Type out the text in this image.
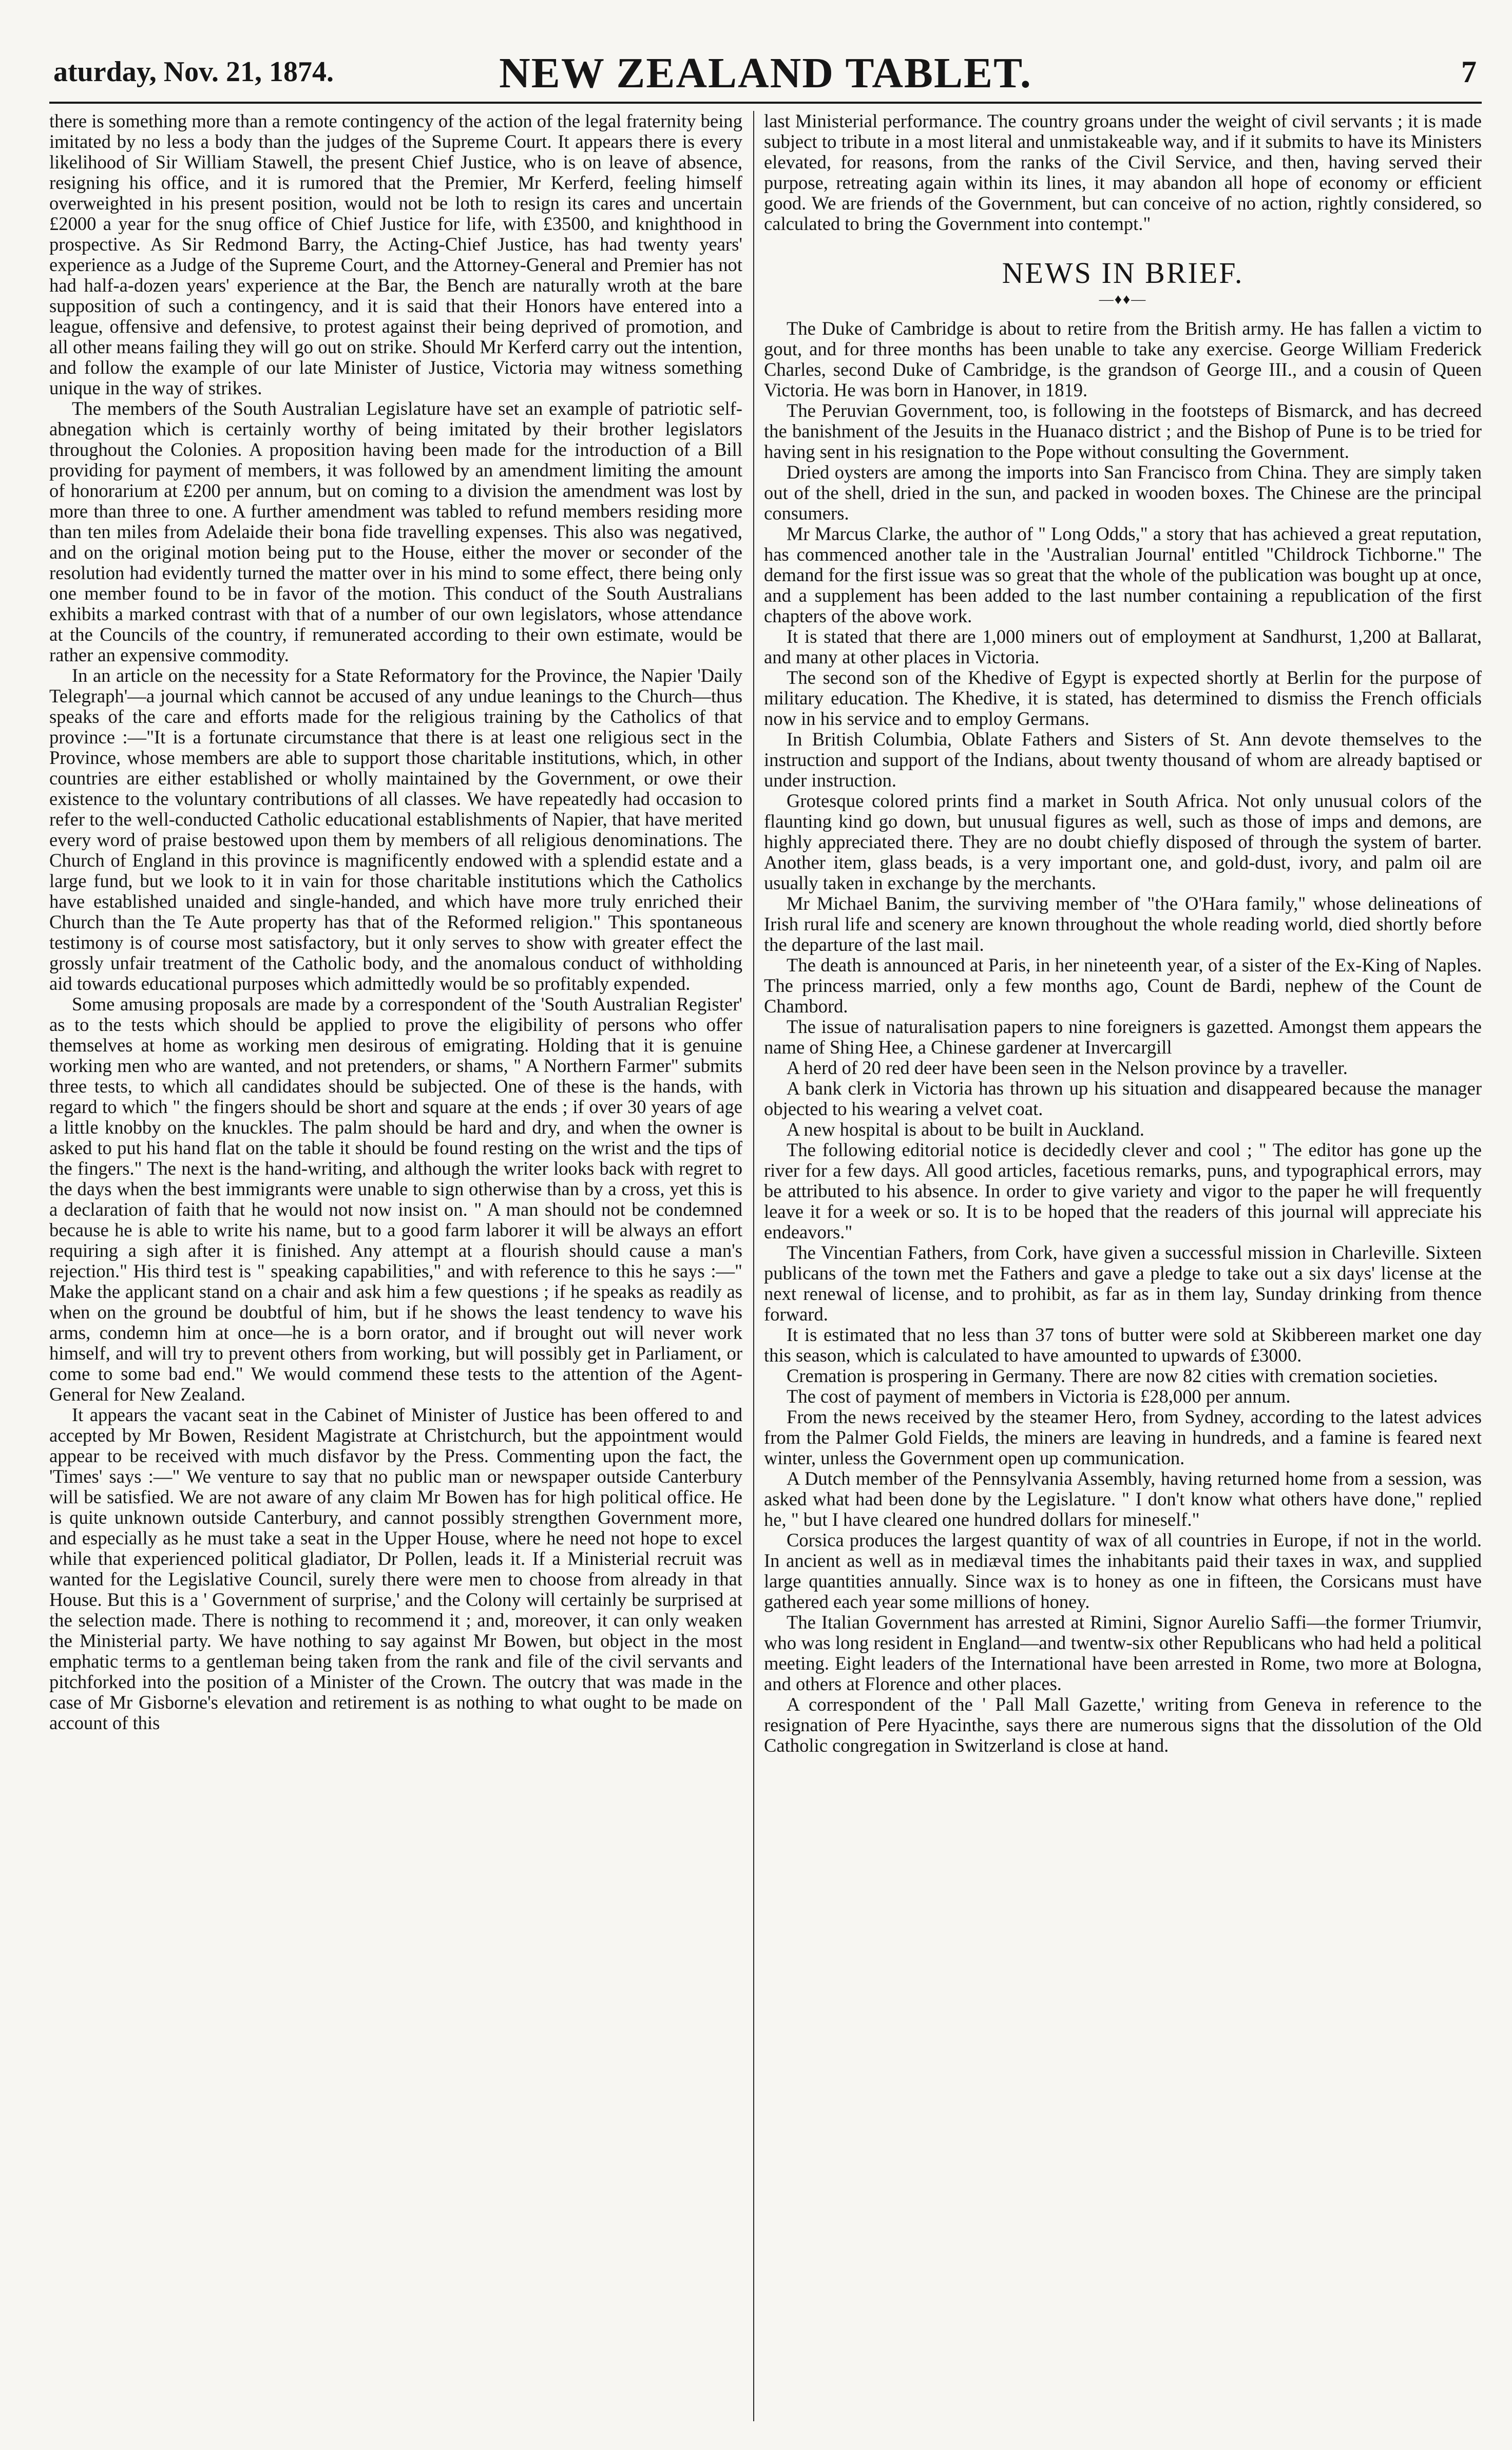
aturday, Nov. 21, 1874.	NEW ZEALAND TABLET.	7

there is something more than a remote contingency of the action of the legal fraternity being imitated by no less a body than the judges of the Supreme Court. It appears there is every likelihood of Sir William Stawell, the present Chief Justice, who is on leave of absence, resigning his office, and it is rumored that the Premier, Mr Kerferd, feeling himself overweighted in his present position, would not be loth to resign its cares and uncertain £2000 a year for the snug office of Chief Justice for life, with £3500, and knighthood in prospective. As Sir Redmond Barry, the Acting-Chief Justice, has had twenty years' experience as a Judge of the Supreme Court, and the Attorney-General and Premier has not had half-a-dozen years' experience at the Bar, the Bench are naturally wroth at the bare supposition of such a contingency, and it is said that their Honors have entered into a league, offensive and defensive, to protest against their being deprived of promotion, and all other means failing they will go out on strike. Should Mr Kerferd carry out the intention, and follow the example of our late Minister of Justice, Victoria may witness something unique in the way of strikes.

The members of the South Australian Legislature have set an example of patriotic self-abnegation which is certainly worthy of being imitated by their brother legislators throughout the Colonies. A proposition having been made for the introduction of a Bill providing for payment of members, it was followed by an amendment limiting the amount of honorarium at £200 per annum, but on coming to a division the amendment was lost by more than three to one. A further amendment was tabled to refund members residing more than ten miles from Adelaide their bona fide travelling expenses. This also was negatived, and on the original motion being put to the House, either the mover or seconder of the resolution had evidently turned the matter over in his mind to some effect, there being only one member found to be in favor of the motion. This conduct of the South Australians exhibits a marked contrast with that of a number of our own legislators, whose attendance at the Councils of the country, if remunerated according to their own estimate, would be rather an expensive commodity.

In an article on the necessity for a State Reformatory for the Province, the Napier 'Daily Telegraph'—a journal which cannot be accused of any undue leanings to the Church—thus speaks of the care and efforts made for the religious training by the Catholics of that province :—"It is a fortunate circumstance that there is at least one religious sect in the Province, whose members are able to support those charitable institutions, which, in other countries are either established or wholly maintained by the Government, or owe their existence to the voluntary contributions of all classes. We have repeatedly had occasion to refer to the well-conducted Catholic educational establishments of Napier, that have merited every word of praise bestowed upon them by members of all religious denominations. The Church of England in this province is magnificently endowed with a splendid estate and a large fund, but we look to it in vain for those charitable institutions which the Catholics have established unaided and single-handed, and which have more truly enriched their Church than the Te Aute property has that of the Reformed religion." This spontaneous testimony is of course most satisfactory, but it only serves to show with greater effect the grossly unfair treatment of the Catholic body, and the anomalous conduct of withholding aid towards educational purposes which admittedly would be so profitably expended.

Some amusing proposals are made by a correspondent of the 'South Australian Register' as to the tests which should be applied to prove the eligibility of persons who offer themselves at home as working men desirous of emigrating. Holding that it is genuine working men who are wanted, and not pretenders, or shams, " A Northern Farmer" submits three tests, to which all candidates should be subjected. One of these is the hands, with regard to which " the fingers should be short and square at the ends ; if over 30 years of age a little knobby on the knuckles. The palm should be hard and dry, and when the owner is asked to put his hand flat on the table it should be found resting on the wrist and the tips of the fingers." The next is the hand-writing, and although the writer looks back with regret to the days when the best immigrants were unable to sign otherwise than by a cross, yet this is a declaration of faith that he would not now insist on. " A man should not be condemned because he is able to write his name, but to a good farm laborer it will be always an effort requiring a sigh after it is finished. Any attempt at a flourish should cause a man's rejection." His third test is " speaking capabilities," and with reference to this he says :—" Make the applicant stand on a chair and ask him a few questions ; if he speaks as readily as when on the ground be doubtful of him, but if he shows the least tendency to wave his arms, condemn him at once—he is a born orator, and if brought out will never work himself, and will try to prevent others from working, but will possibly get in Parliament, or come to some bad end." We would commend these tests to the attention of the Agent-General for New Zealand.

It appears the vacant seat in the Cabinet of Minister of Justice has been offered to and accepted by Mr Bowen, Resident Magistrate at Christchurch, but the appointment would appear to be received with much disfavor by the Press. Commenting upon the fact, the 'Times' says :—" We venture to say that no public man or newspaper outside Canterbury will be satisfied. We are not aware of any claim Mr Bowen has for high political office. He is quite unknown outside Canterbury, and cannot possibly strengthen Government more, and especially as he must take a seat in the Upper House, where he need not hope to excel while that experienced political gladiator, Dr Pollen, leads it. If a Ministerial recruit was wanted for the Legislative Council, surely there were men to choose from already in that House. But this is a ' Government of surprise,' and the Colony will certainly be surprised at the selection made. There is nothing to recommend it ; and, moreover, it can only weaken the Ministerial party. We have nothing to say against Mr Bowen, but object in the most emphatic terms to a gentleman being taken from the rank and file of the civil servants and pitchforked into the position of a Minister of the Crown. The outcry that was made in the case of Mr Gisborne's elevation and retirement is as nothing to what ought to be made on account of this

last Ministerial performance. The country groans under the weight of civil servants ; it is made subject to tribute in a most literal and unmistakeable way, and if it submits to have its Ministers elevated, for reasons, from the ranks of the Civil Service, and then, having served their purpose, retreating again within its lines, it may abandon all hope of economy or efficient good. We are friends of the Government, but can conceive of no action, rightly considered, so calculated to bring the Government into contempt."

NEWS IN BRIEF.
—♦♦—

The Duke of Cambridge is about to retire from the British army. He has fallen a victim to gout, and for three months has been unable to take any exercise. George William Frederick Charles, second Duke of Cambridge, is the grandson of George III., and a cousin of Queen Victoria. He was born in Hanover, in 1819.

The Peruvian Government, too, is following in the footsteps of Bismarck, and has decreed the banishment of the Jesuits in the Huanaco district ; and the Bishop of Pune is to be tried for having sent in his resignation to the Pope without consulting the Government.

Dried oysters are among the imports into San Francisco from China. They are simply taken out of the shell, dried in the sun, and packed in wooden boxes. The Chinese are the principal consumers.

Mr Marcus Clarke, the author of " Long Odds," a story that has achieved a great reputation, has commenced another tale in the 'Australian Journal' entitled "Childrock Tichborne." The demand for the first issue was so great that the whole of the publication was bought up at once, and a supplement has been added to the last number containing a republication of the first chapters of the above work.

It is stated that there are 1,000 miners out of employment at Sandhurst, 1,200 at Ballarat, and many at other places in Victoria.

The second son of the Khedive of Egypt is expected shortly at Berlin for the purpose of military education. The Khedive, it is stated, has determined to dismiss the French officials now in his service and to employ Germans.

In British Columbia, Oblate Fathers and Sisters of St. Ann devote themselves to the instruction and support of the Indians, about twenty thousand of whom are already baptised or under instruction.

Grotesque colored prints find a market in South Africa. Not only unusual colors of the flaunting kind go down, but unusual figures as well, such as those of imps and demons, are highly appreciated there. They are no doubt chiefly disposed of through the system of barter. Another item, glass beads, is a very important one, and gold-dust, ivory, and palm oil are usually taken in exchange by the merchants.

Mr Michael Banim, the surviving member of "the O'Hara family," whose delineations of Irish rural life and scenery are known throughout the whole reading world, died shortly before the departure of the last mail.

The death is announced at Paris, in her nineteenth year, of a sister of the Ex-King of Naples. The princess married, only a few months ago, Count de Bardi, nephew of the Count de Chambord.

The issue of naturalisation papers to nine foreigners is gazetted. Amongst them appears the name of Shing Hee, a Chinese gardener at Invercargill

A herd of 20 red deer have been seen in the Nelson province by a traveller.

A bank clerk in Victoria has thrown up his situation and disappeared because the manager objected to his wearing a velvet coat.

A new hospital is about to be built in Auckland.

The following editorial notice is decidedly clever and cool ; " The editor has gone up the river for a few days. All good articles, facetious remarks, puns, and typographical errors, may be attributed to his absence. In order to give variety and vigor to the paper he will frequently leave it for a week or so. It is to be hoped that the readers of this journal will appreciate his endeavors."

The Vincentian Fathers, from Cork, have given a successful mission in Charleville. Sixteen publicans of the town met the Fathers and gave a pledge to take out a six days' license at the next renewal of license, and to prohibit, as far as in them lay, Sunday drinking from thence forward.

It is estimated that no less than 37 tons of butter were sold at Skibbereen market one day this season, which is calculated to have amounted to upwards of £3000.

Cremation is prospering in Germany. There are now 82 cities with cremation societies.

The cost of payment of members in Victoria is £28,000 per annum.

From the news received by the steamer Hero, from Sydney, according to the latest advices from the Palmer Gold Fields, the miners are leaving in hundreds, and a famine is feared next winter, unless the Government open up communication.

A Dutch member of the Pennsylvania Assembly, having returned home from a session, was asked what had been done by the Legislature. " I don't know what others have done," replied he, " but I have cleared one hundred dollars for mineself."

Corsica produces the largest quantity of wax of all countries in Europe, if not in the world. In ancient as well as in mediæval times the inhabitants paid their taxes in wax, and supplied large quantities annually. Since wax is to honey as one in fifteen, the Corsicans must have gathered each year some millions of honey.

The Italian Government has arrested at Rimini, Signor Aurelio Saffi—the former Triumvir, who was long resident in England—and twentw-six other Republicans who had held a political meeting. Eight leaders of the International have been arrested in Rome, two more at Bologna, and others at Florence and other places.

A correspondent of the ' Pall Mall Gazette,' writing from Geneva in reference to the resignation of Pere Hyacinthe, says there are numerous signs that the dissolution of the Old Catholic congregation in Switzerland is close at hand.
